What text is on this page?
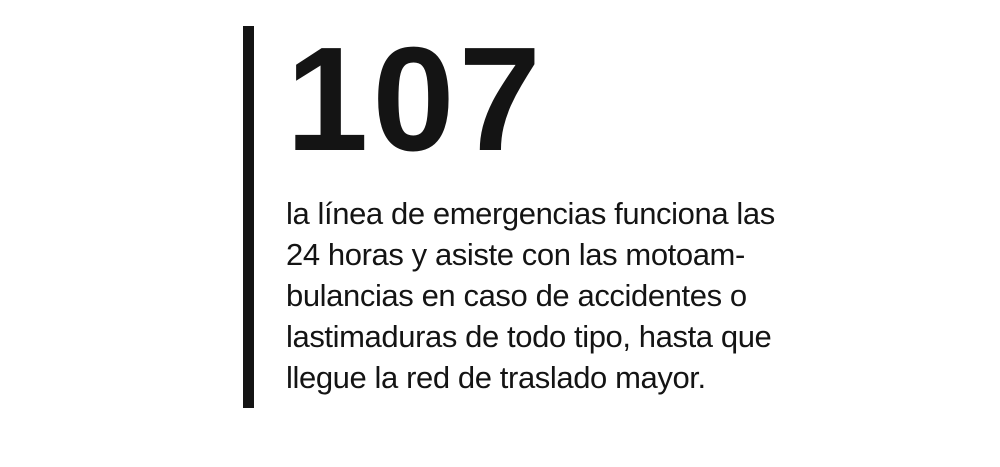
107
la línea de emergencias funciona las
24 horas y asiste con las motoam-
bulancias en caso de accidentes o
lastimaduras de todo tipo, hasta que
llegue la red de traslado mayor.
